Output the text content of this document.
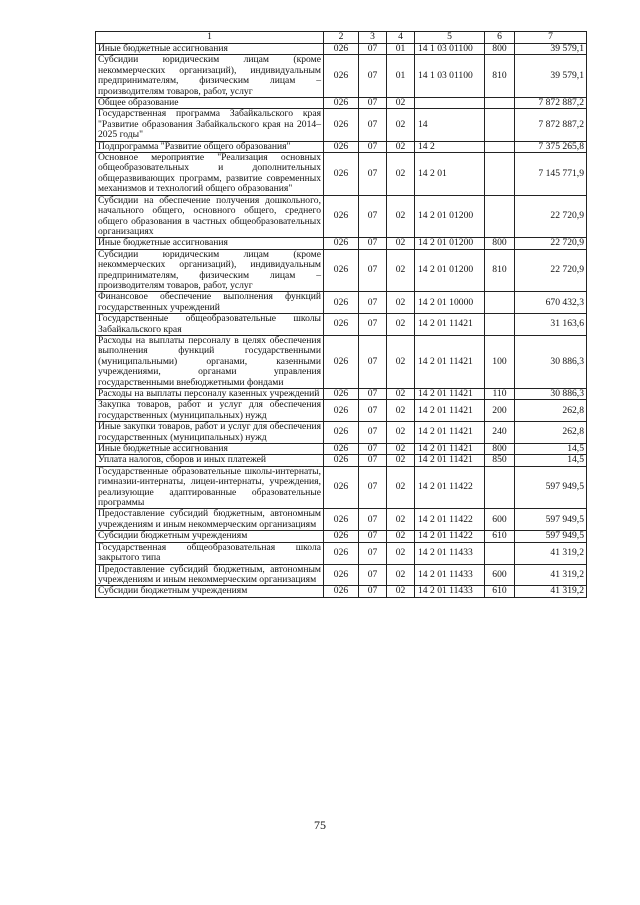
1	2	3	4	5	6	7
Иные бюджетные ассигнования	026	07	01	14 1 03 01100	800	39 579,1
Субсидии юридическим лицам (кроме некоммерческих организаций), индивидуальным предпринимателям, физическим лицам – производителям товаров, работ, услуг	026	07	01	14 1 03 01100	810	39 579,1
Общее образование	026	07	02			7 872 887,2
Государственная программа Забайкальского края "Развитие образования Забайкальского края на 2014–2025 годы"	026	07	02	14		7 872 887,2
Подпрограмма "Развитие общего образования"	026	07	02	14 2		7 375 265,8
Основное мероприятие "Реализация основных общеобразовательных и дополнительных общеразвивающих программ, развитие современных механизмов и технологий общего образования"	026	07	02	14 2 01		7 145 771,9
Субсидии на обеспечение получения дошкольного, начального общего, основного общего, среднего общего образования в частных общеобразовательных организациях	026	07	02	14 2 01 01200		22 720,9
Иные бюджетные ассигнования	026	07	02	14 2 01 01200	800	22 720,9
Субсидии юридическим лицам (кроме некоммерческих организаций), индивидуальным предпринимателям, физическим лицам – производителям товаров, работ, услуг	026	07	02	14 2 01 01200	810	22 720,9
Финансовое обеспечение выполнения функций государственных учреждений	026	07	02	14 2 01 10000		670 432,3
Государственные общеобразовательные школы Забайкальского края	026	07	02	14 2 01 11421		31 163,6
Расходы на выплаты персоналу в целях обеспечения выполнения функций государственными (муниципальными) органами, казенными учреждениями, органами управления государственными внебюджетными фондами	026	07	02	14 2 01 11421	100	30 886,3
Расходы на выплаты персоналу казенных учреждений	026	07	02	14 2 01 11421	110	30 886,3
Закупка товаров, работ и услуг для обеспечения государственных (муниципальных) нужд	026	07	02	14 2 01 11421	200	262,8
Иные закупки товаров, работ и услуг для обеспечения государственных (муниципальных) нужд	026	07	02	14 2 01 11421	240	262,8
Иные бюджетные ассигнования	026	07	02	14 2 01 11421	800	14,5
Уплата налогов, сборов и иных платежей	026	07	02	14 2 01 11421	850	14,5
Государственные образовательные школы-интернаты, гимназии-интернаты, лицеи-интернаты, учреждения, реализующие адаптированные образовательные программы	026	07	02	14 2 01 11422		597 949,5
Предоставление субсидий бюджетным, автономным учреждениям и иным некоммерческим организациям	026	07	02	14 2 01 11422	600	597 949,5
Субсидии бюджетным учреждениям	026	07	02	14 2 01 11422	610	597 949,5
Государственная общеобразовательная школа закрытого типа	026	07	02	14 2 01 11433		41 319,2
Предоставление субсидий бюджетным, автономным учреждениям и иным некоммерческим организациям	026	07	02	14 2 01 11433	600	41 319,2
Субсидии бюджетным учреждениям	026	07	02	14 2 01 11433	610	41 319,2
75
